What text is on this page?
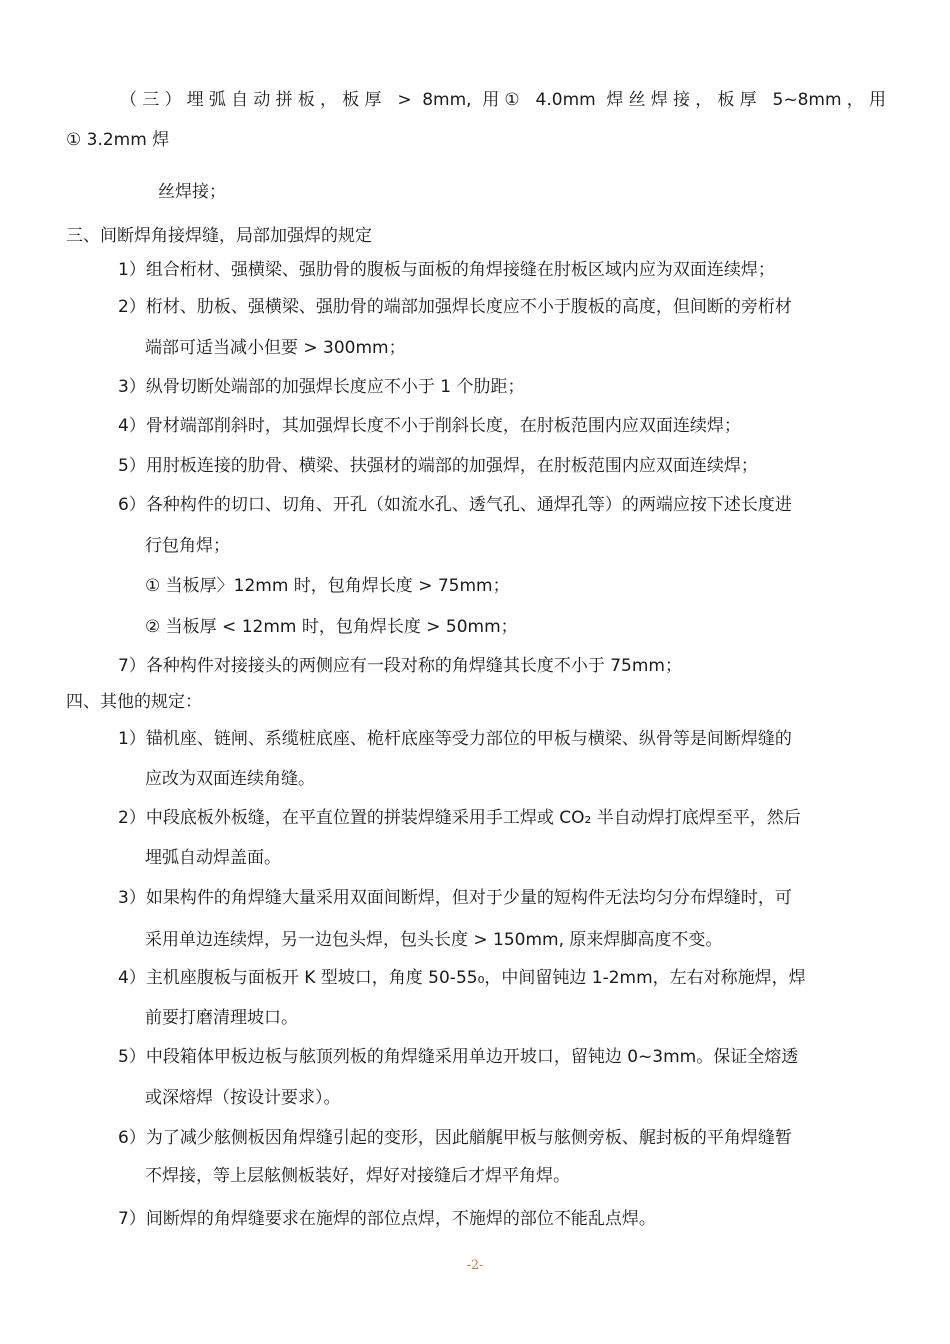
（三）埋弧自动拼板，板厚 > 8mm, 用① 4.0mm 焊丝焊接，板厚 5~8mm，用
① 3.2mm 焊
丝焊接；
三、间断焊角接焊缝，局部加强焊的规定
1）组合桁材、强横梁、强肋骨的腹板与面板的角焊接缝在肘板区域内应为双面连续焊；
2）桁材、肋板、强横梁、强肋骨的端部加强焊长度应不小于腹板的高度，但间断的旁桁材
端部可适当减小但要 > 300mm；
3）纵骨切断处端部的加强焊长度应不小于 1 个肋距；
4）骨材端部削斜时，其加强焊长度不小于削斜长度，在肘板范围内应双面连续焊；
5）用肘板连接的肋骨、横梁、扶强材的端部的加强焊，在肘板范围内应双面连续焊；
6）各种构件的切口、切角、开孔（如流水孔、透气孔、通焊孔等）的两端应按下述长度进
行包角焊；
① 当板厚〉12mm 时，包角焊长度 > 75mm；
② 当板厚 < 12mm 时，包角焊长度 > 50mm；
7）各种构件对接接头的两侧应有一段对称的角焊缝其长度不小于 75mm；
四、其他的规定：
1）锚机座、链闸、系缆桩底座、桅杆底座等受力部位的甲板与横梁、纵骨等是间断焊缝的
应改为双面连续角缝。
2）中段底板外板缝，在平直位置的拼装焊缝采用手工焊或 CO₂ 半自动焊打底焊至平，然后
埋弧自动焊盖面。
3）如果构件的角焊缝大量采用双面间断焊，但对于少量的短构件无法均匀分布焊缝时，可
采用单边连续焊，另一边包头焊，包头长度 > 150mm, 原来焊脚高度不变。
4）主机座腹板与面板开 K 型坡口，角度 50-55₀，中间留钝边 1-2mm，左右对称施焊，焊
前要打磨清理坡口。
5）中段箱体甲板边板与舷顶列板的角焊缝采用单边开坡口，留钝边 0~3mm。保证全熔透
或深熔焊（按设计要求）。
6）为了减少舷侧板因角焊缝引起的变形，因此艏艉甲板与舷侧旁板、艉封板的平角焊缝暂
不焊接，等上层舷侧板装好，焊好对接缝后才焊平角焊。
7）间断焊的角焊缝要求在施焊的部位点焊，不施焊的部位不能乱点焊。
-2-
